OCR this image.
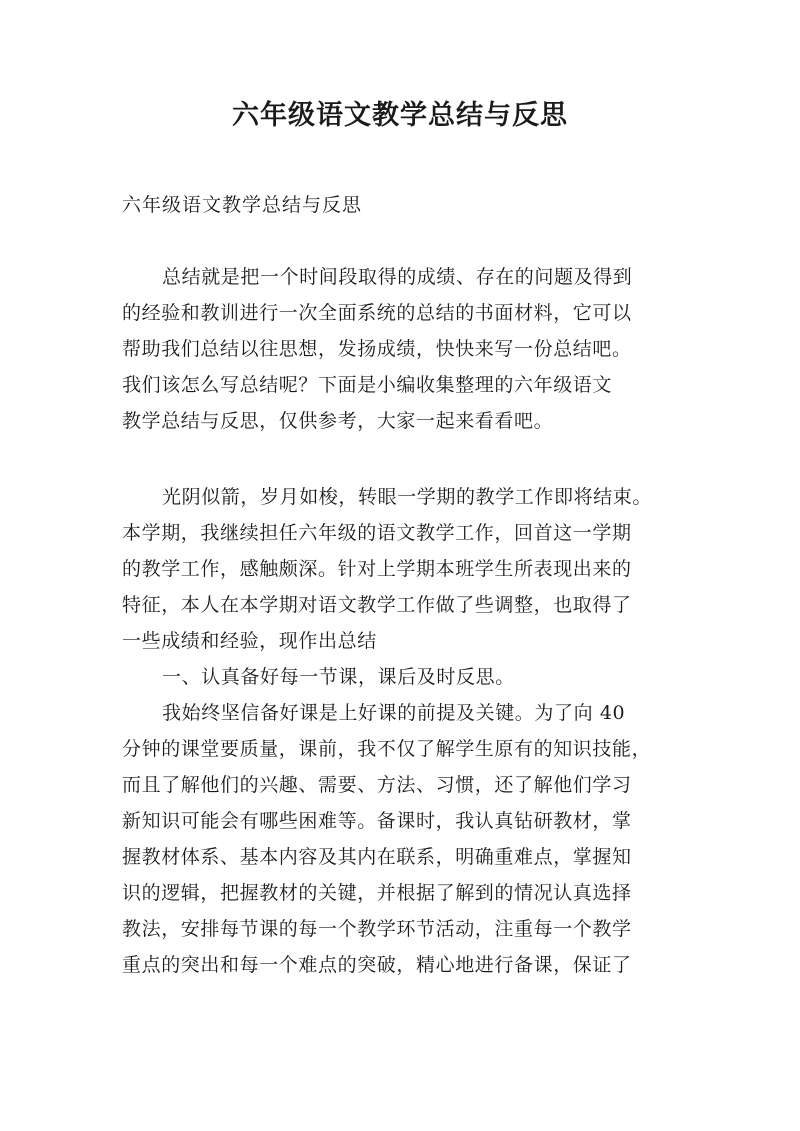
六年级语文教学总结与反思
六年级语文教学总结与反思
总结就是把一个时间段取得的成绩、存在的问题及得到
的经验和教训进行一次全面系统的总结的书面材料，它可以
帮助我们总结以往思想，发扬成绩，快快来写一份总结吧。
我们该怎么写总结呢？下面是小编收集整理的六年级语文
教学总结与反思，仅供参考，大家一起来看看吧。
光阴似箭，岁月如梭，转眼一学期的教学工作即将结束。
本学期，我继续担任六年级的语文教学工作，回首这一学期
的教学工作，感触颇深。针对上学期本班学生所表现出来的
特征，本人在本学期对语文教学工作做了些调整，也取得了
一些成绩和经验，现作出总结
一、认真备好每一节课，课后及时反思。
我始终坚信备好课是上好课的前提及关键。为了向 40
分钟的课堂要质量，课前，我不仅了解学生原有的知识技能，
而且了解他们的兴趣、需要、方法、习惯，还了解他们学习
新知识可能会有哪些困难等。备课时，我认真钻研教材，掌
握教材体系、基本内容及其内在联系，明确重难点，掌握知
识的逻辑，把握教材的关键，并根据了解到的情况认真选择
教法，安排每节课的每一个教学环节活动，注重每一个教学
重点的突出和每一个难点的突破，精心地进行备课，保证了
